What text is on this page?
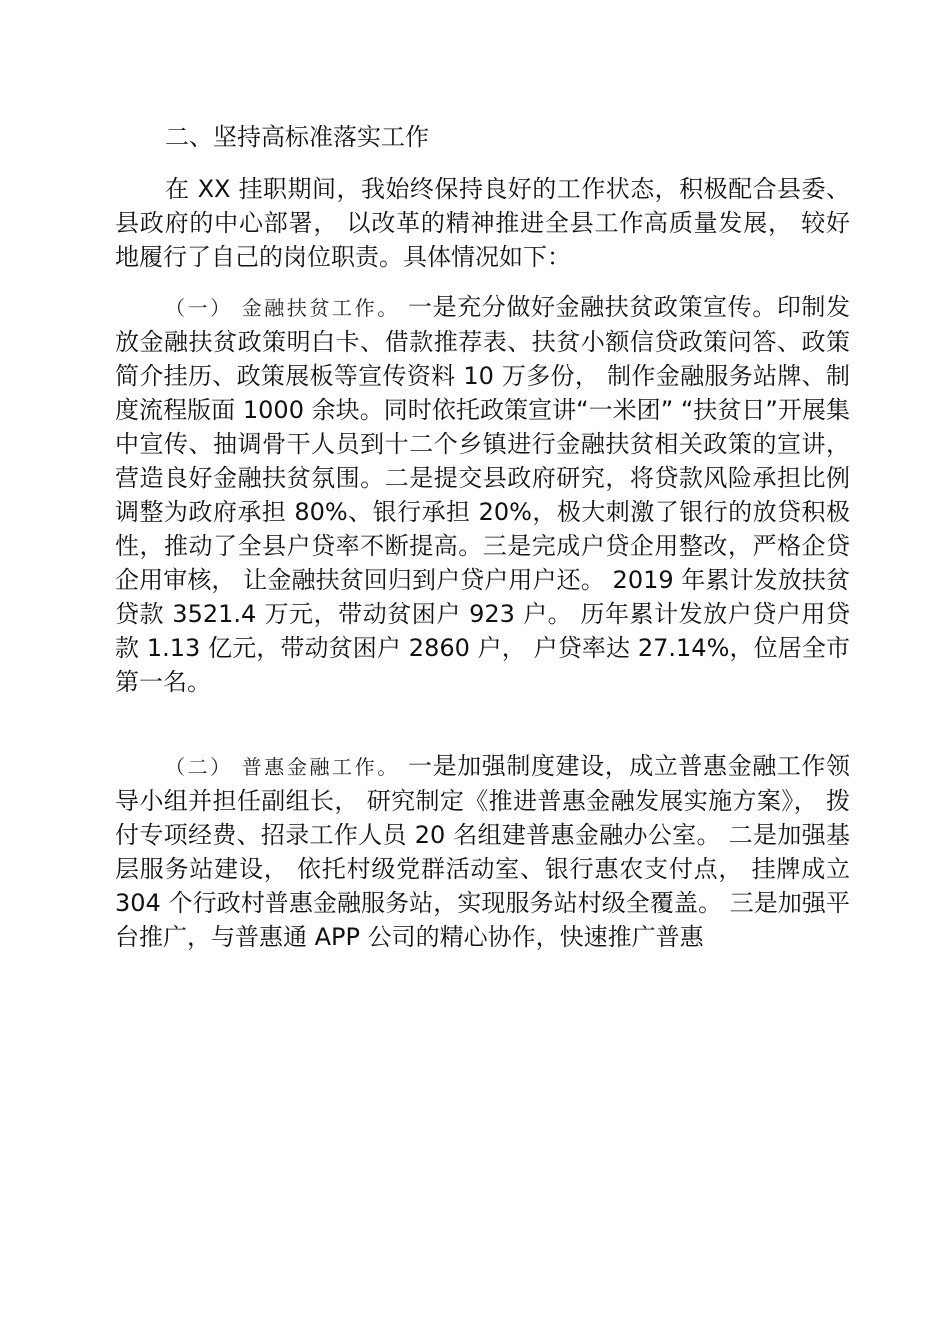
二、坚持高标准落实工作

在 XX 挂职期间，我始终保持良好的工作状态，积极配合县委、县政府的中心部署， 以改革的精神推进全县工作高质量发展， 较好 地履行了自己的岗位职责。具体情况如下：

（一） 金融扶贫工作。 一是充分做好金融扶贫政策宣传。印制发放金融扶贫政策明白卡、借款推荐表、扶贫小额信贷政策问答、政策简介挂历、政策展板等宣传资料 10 万多份， 制作金融服务站牌、制度流程版面 1000 余块。同时依托政策宣讲“一米团” “扶贫日”开展集中宣传、抽调骨干人员到十二个乡镇进行金融扶贫相关政策的宣讲，营造良好金融扶贫氛围。二是提交县政府研究，将贷款风险承担比例调整为政府承担 80%、银行承担 20%，极大刺激了银行的放贷积极性，推动了全县户贷率不断提高。三是完成户贷企用整改，严格企贷企用审核， 让金融扶贫回归到户贷户用户还。 2019 年累计发放扶贫贷款 3521.4 万元，带动贫困户 923 户。 历年累计发放户贷户用贷款 1.13 亿元，带动贫困户 2860 户， 户贷率达 27.14%，位居全市第一名。

（二） 普惠金融工作。 一是加强制度建设，成立普惠金融工作领导小组并担任副组长， 研究制定《推进普惠金融发展实施方案》， 拨付专项经费、招录工作人员 20 名组建普惠金融办公室。 二是加强基层服务站建设， 依托村级党群活动室、银行惠农支付点， 挂牌成立 304 个行政村普惠金融服务站，实现服务站村级全覆盖。 三是加强平台推广，与普惠通 APP 公司的精心协作，快速推广普惠
